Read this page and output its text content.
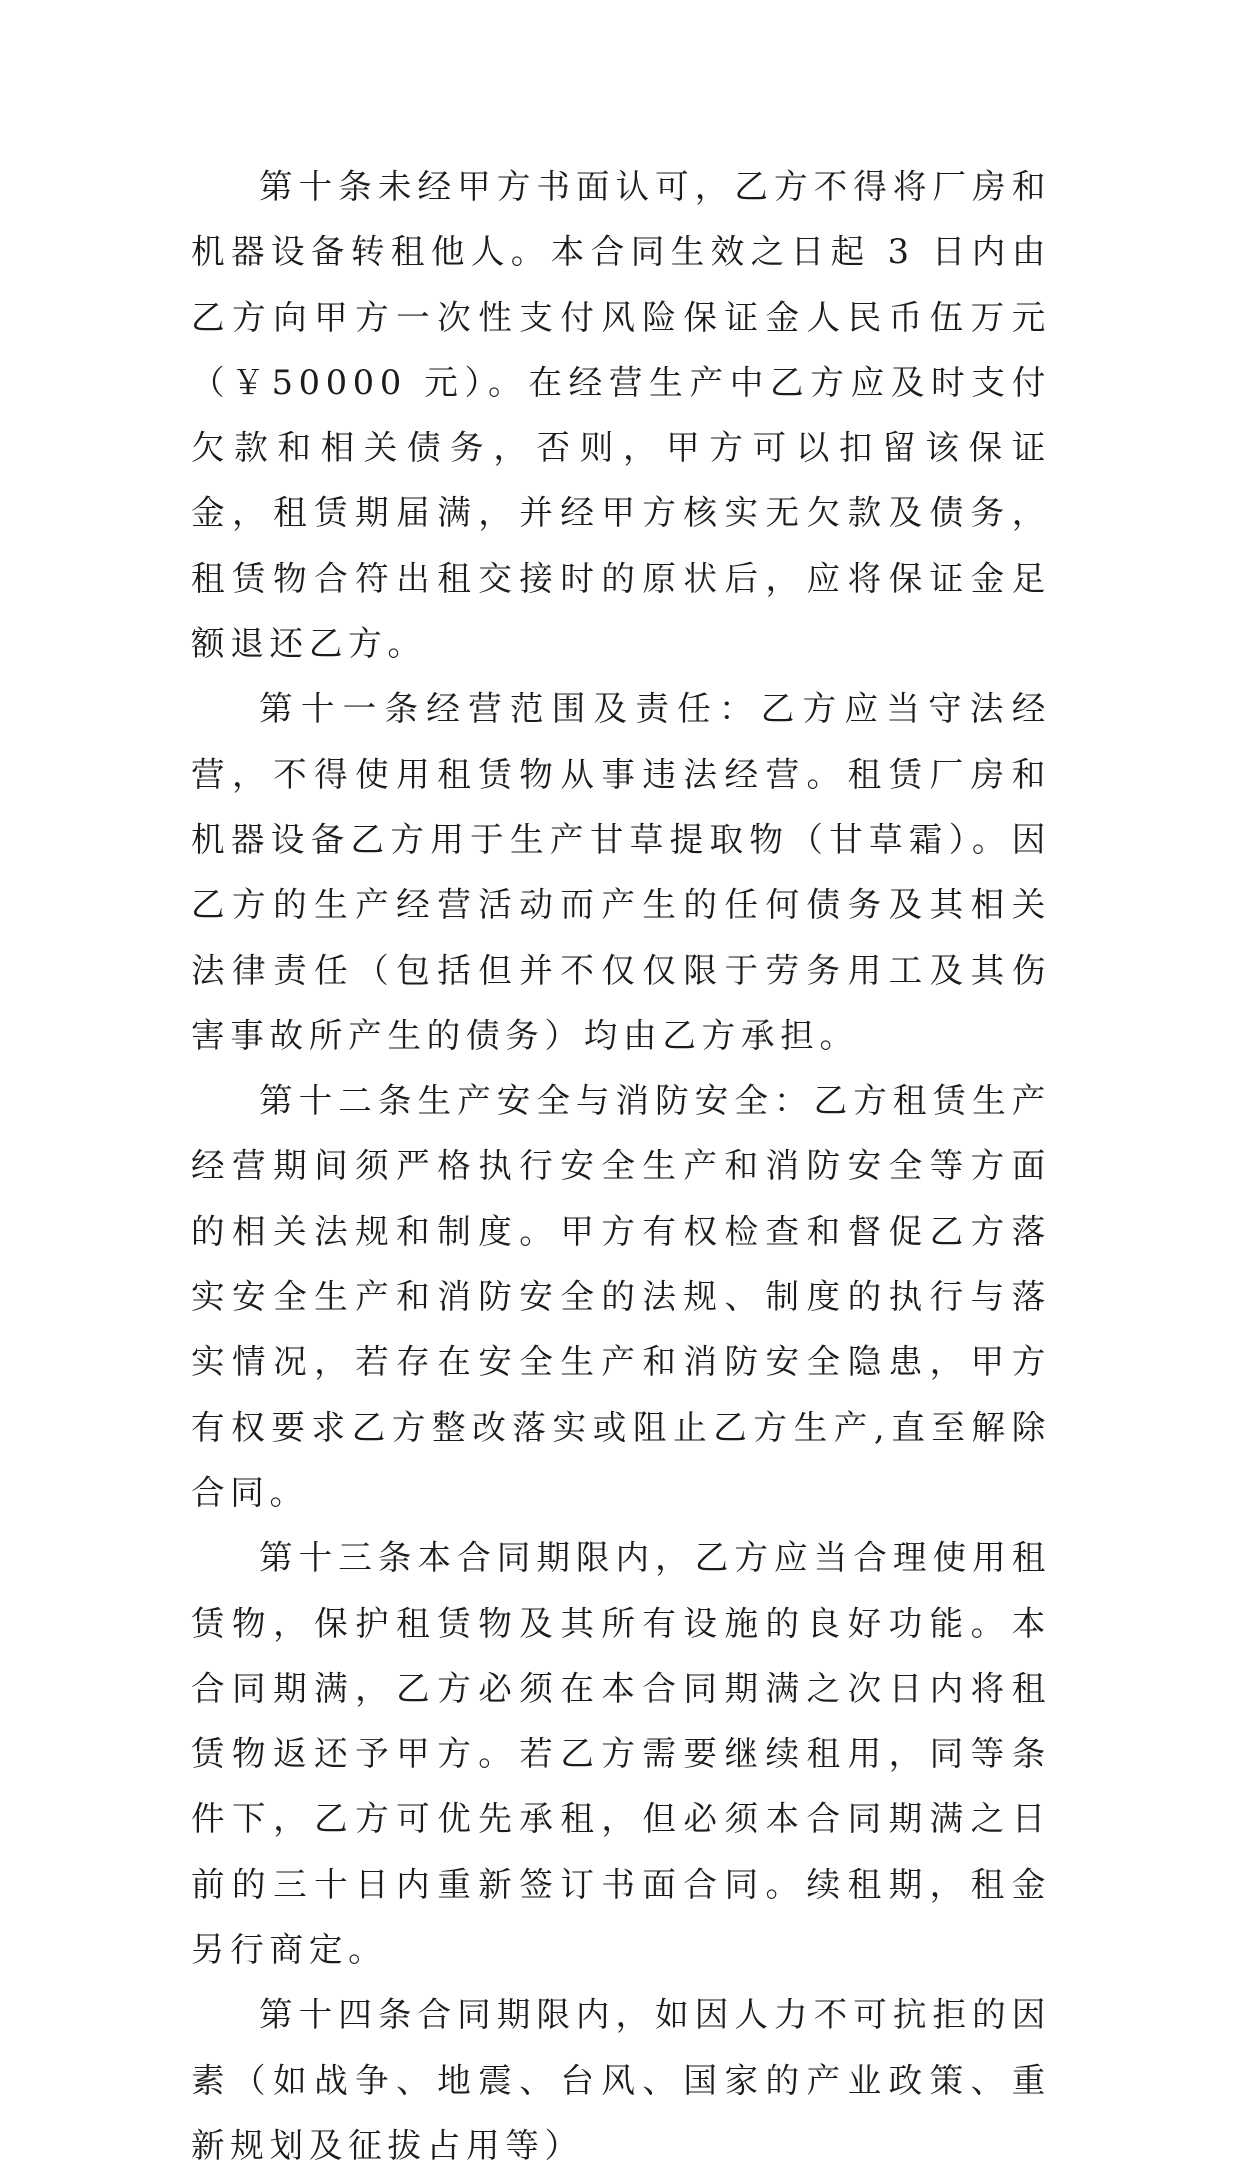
第十条未经甲方书面认可，乙方不得将厂房和机器设备转租他人。本合同生效之日起 3 日内由乙方向甲方一次性支付风险保证金人民币伍万元（￥50000 元）。在经营生产中乙方应及时支付欠款和相关债务，否则，甲方可以扣留该保证金，租赁期届满，并经甲方核实无欠款及债务，租赁物合符出租交接时的原状后，应将保证金足额退还乙方。

第十一条经营范围及责任：乙方应当守法经营，不得使用租赁物从事违法经营。租赁厂房和机器设备乙方用于生产甘草提取物（甘草霜）。因乙方的生产经营活动而产生的任何债务及其相关法律责任（包括但并不仅仅限于劳务用工及其伤害事故所产生的债务）均由乙方承担。

第十二条生产安全与消防安全：乙方租赁生产经营期间须严格执行安全生产和消防安全等方面的相关法规和制度。甲方有权检查和督促乙方落实安全生产和消防安全的法规、制度的执行与落实情况，若存在安全生产和消防安全隐患，甲方有权要求乙方整改落实或阻止乙方生产,直至解除合同。

第十三条本合同期限内，乙方应当合理使用租赁物，保护租赁物及其所有设施的良好功能。本合同期满，乙方必须在本合同期满之次日内将租赁物返还予甲方。若乙方需要继续租用，同等条件下，乙方可优先承租，但必须本合同期满之日前的三十日内重新签订书面合同。续租期，租金另行商定。

第十四条合同期限内，如因人力不可抗拒的因素（如战争、地震、台风、国家的产业政策、重新规划及征拔占用等）
